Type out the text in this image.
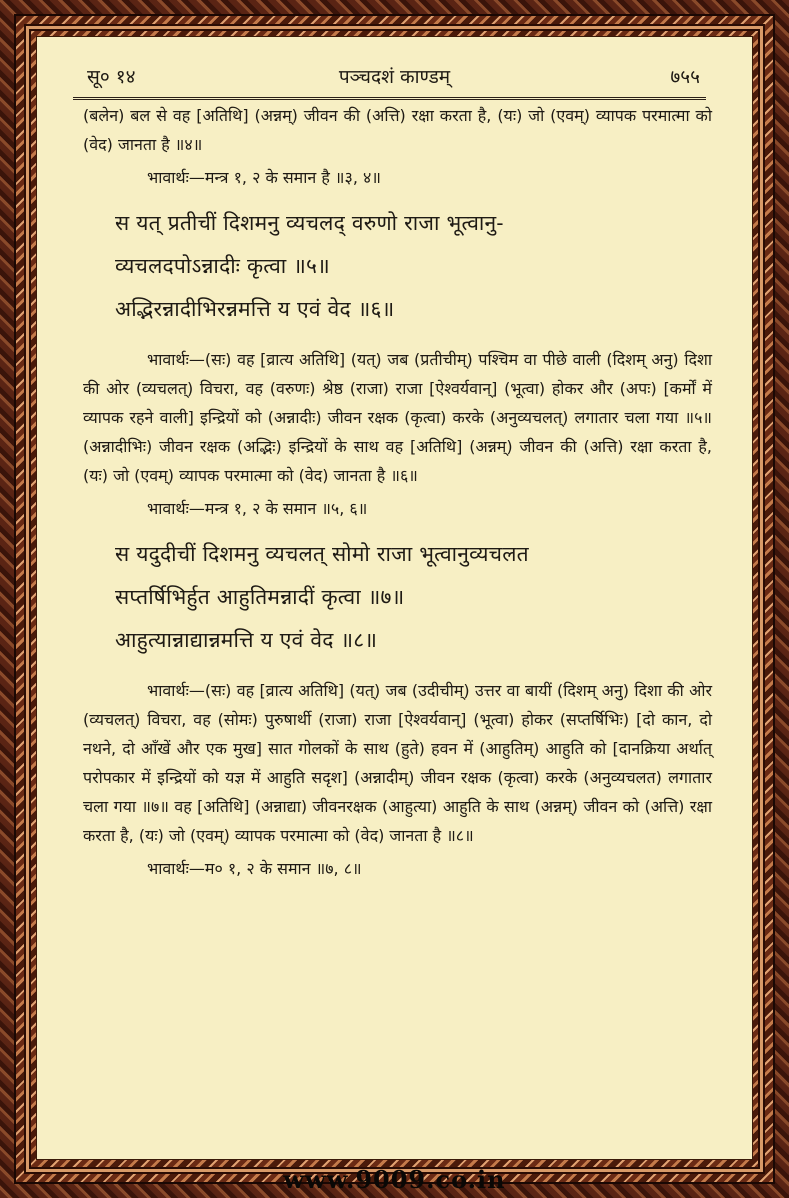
सू० १४	पञ्चदशं काण्डम्	७५५

(बलेन) बल से वह [अतिथि] (अन्नम्) जीवन की (अत्ति) रक्षा करता है, (यः) जो (एवम्) व्यापक परमात्मा को (वेद) जानता है ॥४॥

भावार्थः—मन्त्र १, २ के समान है ॥३, ४॥

स यत् प्रतीचीं दिशमनु व्यचलद् वरुणो राजा भूत्वानु-

व्यचलदपोऽन्नादीः कृत्वा ॥५॥

अद्भिरन्नादीभिरन्नमत्ति य एवं वेद ॥६॥

भावार्थः—(सः) वह [व्रात्य अतिथि] (यत्) जब (प्रतीचीम्) पश्चिम वा पीछे वाली (दिशम् अनु) दिशा की ओर (व्यचलत्) विचरा, वह (वरुणः) श्रेष्ठ (राजा) राजा [ऐश्वर्यवान्] (भूत्वा) होकर और (अपः) [कर्मों में व्यापक रहने वाली] इन्द्रियों को (अन्नादीः) जीवन रक्षक (कृत्वा) करके (अनुव्यचलत्) लगातार चला गया ॥५॥ (अन्नादीभिः) जीवन रक्षक (अद्भिः) इन्द्रियों के साथ वह [अतिथि] (अन्नम्) जीवन की (अत्ति) रक्षा करता है, (यः) जो (एवम्) व्यापक परमात्मा को (वेद) जानता है ॥६॥

भावार्थः—मन्त्र १, २ के समान ॥५, ६॥

स यदुदीचीं दिशमनु व्यचलत् सोमो राजा भूत्वानुव्यचलत

सप्तर्षिभिर्हुत आहुतिमन्नादीं कृत्वा ॥७॥

आहुत्यान्नाद्यान्नमत्ति य एवं वेद ॥८॥

भावार्थः—(सः) वह [व्रात्य अतिथि] (यत्) जब (उदीचीम्) उत्तर वा बायीं (दिशम् अनु) दिशा की ओर (व्यचलत्) विचरा, वह (सोमः) पुरुषार्थी (राजा) राजा [ऐश्वर्यवान्] (भूत्वा) होकर (सप्तर्षिभिः) [दो कान, दो नथने, दो आँखें और एक मुख] सात गोलकों के साथ (हुते) हवन में (आहुतिम्) आहुति को [दानक्रिया अर्थात् परोपकार में इन्द्रियों को यज्ञ में आहुति सदृश] (अन्नादीम्) जीवन रक्षक (कृत्वा) करके (अनुव्यचलत) लगातार चला गया ॥७॥ वह [अतिथि] (अन्नाद्या) जीवनरक्षक (आहुत्या) आहुति के साथ (अन्नम्) जीवन को (अत्ति) रक्षा करता है, (यः) जो (एवम्) व्यापक परमात्मा को (वेद) जानता है ॥८॥

भावार्थः—म० १, २ के समान ॥७, ८॥

www.9009.co.in
